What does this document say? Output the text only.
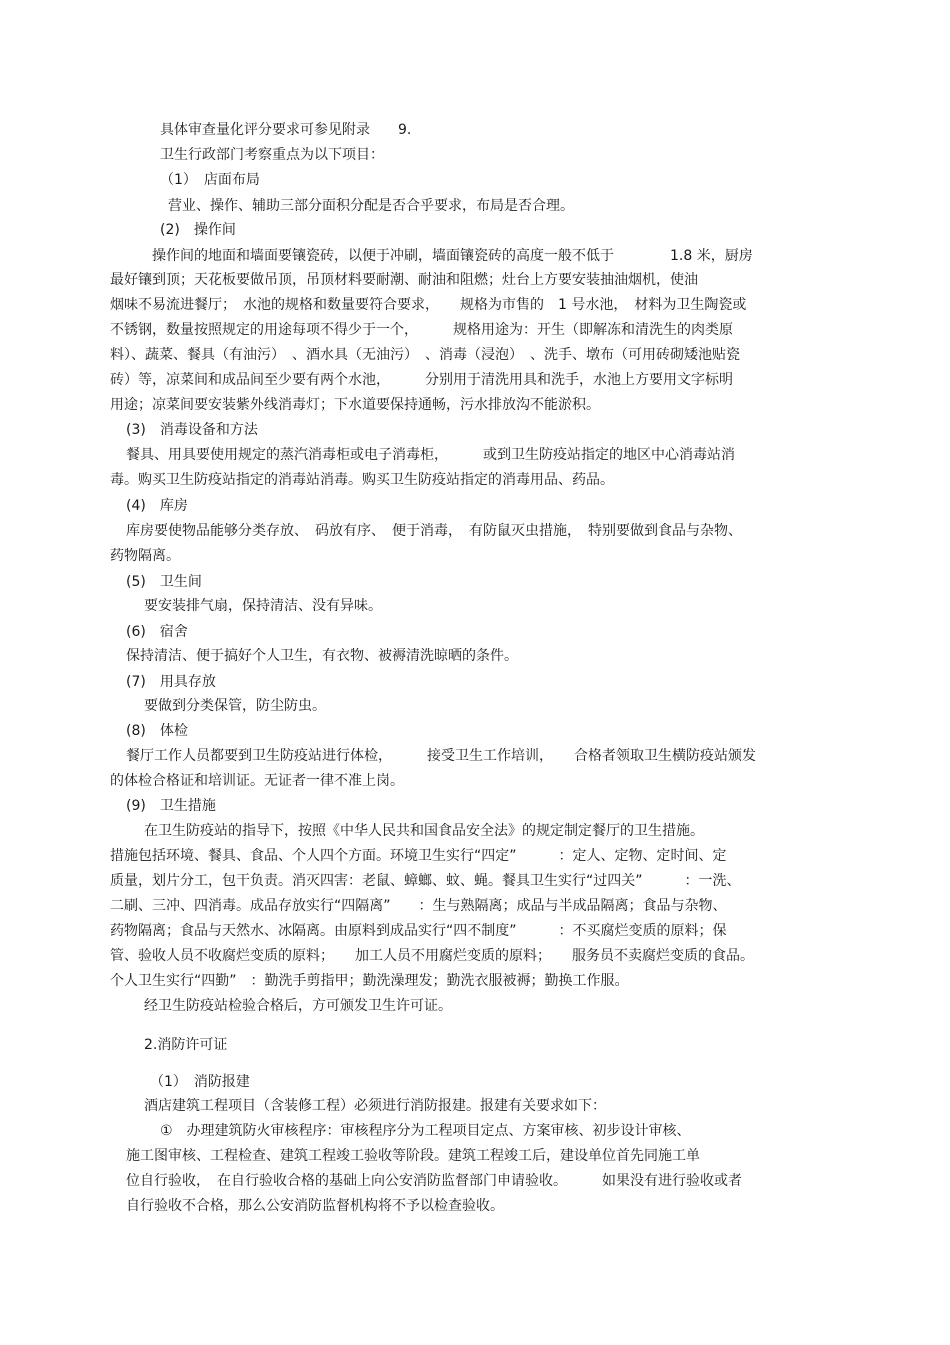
具体审查量化评分要求可参见附录　　9.
卫生行政部门考察重点为以下项目：
（1）　店面布局
营业、操作、辅助三部分面积分配是否合乎要求，布局是否合理。
(2)　操作间
操作间的地面和墙面要镶瓷砖，以便于冲刷，墙面镶瓷砖的高度一般不低于　　　　1.8 米，厨房
最好镶到顶；天花板要做吊顶，吊顶材料要耐潮、耐油和阻燃；灶台上方要安装抽油烟机，使油
烟味不易流进餐厅；　水池的规格和数量要符合要求，　　规格为市售的　1 号水池，　材料为卫生陶瓷或
不锈钢，数量按照规定的用途每项不得少于一个，　　　规格用途为：开生（即解冻和清洗生的肉类原
料）、蔬菜、餐具（有油污）　、酒水具（无油污）　、消毒（浸泡）　、洗手、墩布（可用砖砌矮池贴瓷
砖）等，凉菜间和成品间至少要有两个水池，　　　分别用于清洗用具和洗手，水池上方要用文字标明
用途；凉菜间要安装紫外线消毒灯；下水道要保持通畅，污水排放沟不能淤积。
(3)　消毒设备和方法
餐具、用具要使用规定的蒸汽消毒柜或电子消毒柜，　　　或到卫生防疫站指定的地区中心消毒站消
毒。购买卫生防疫站指定的消毒站消毒。购买卫生防疫站指定的消毒用品、药品。
(4)　库房
库房要使物品能够分类存放、　码放有序、　便于消毒，　有防鼠灭虫措施，　特别要做到食品与杂物、
药物隔离。
(5)　卫生间
要安装排气扇，保持清洁、没有异味。
(6)　宿舍
保持清洁、便于搞好个人卫生，有衣物、被褥清洗晾晒的条件。
(7)　用具存放
要做到分类保管，防尘防虫。
(8)　体检
餐厅工作人员都要到卫生防疫站进行体检，　　　接受卫生工作培训，　　合格者领取卫生横防疫站颁发
的体检合格证和培训证。无证者一律不准上岗。
(9)　卫生措施
在卫生防疫站的指导下，按照《中华人民共和国食品安全法》的规定制定餐厅的卫生措施。
措施包括环境、餐具、食品、个人四个方面。环境卫生实行“四定”　　　：定人、定物、定时间、定
质量，划片分工，包干负责。消灭四害：老鼠、蟑螂、蚊、蝇。餐具卫生实行“过四关”　　　：一洗、
二刷、三冲、四消毒。成品存放实行“四隔离”　　：生与熟隔离；成品与半成品隔离；食品与杂物、
药物隔离；食品与天然水、冰隔离。由原料到成品实行“四不制度”　　　：不买腐烂变质的原料；保
管、验收人员不收腐烂变质的原料；　　加工人员不用腐烂变质的原料；　　服务员不卖腐烂变质的食品。
个人卫生实行“四勤”　：勤洗手剪指甲；勤洗澡理发；勤洗衣服被褥；勤换工作服。
经卫生防疫站检验合格后，方可颁发卫生许可证。
2.消防许可证
（1）　消防报建
酒店建筑工程项目（含装修工程）必须进行消防报建。报建有关要求如下：
①　办理建筑防火审核程序：审核程序分为工程项目定点、方案审核、初步设计审核、
施工图审核、工程检查、建筑工程竣工验收等阶段。建筑工程竣工后，建设单位首先同施工单
位自行验收，　在自行验收合格的基础上向公安消防监督部门申请验收。　　　如果没有进行验收或者
自行验收不合格，那么公安消防监督机构将不予以检查验收。
